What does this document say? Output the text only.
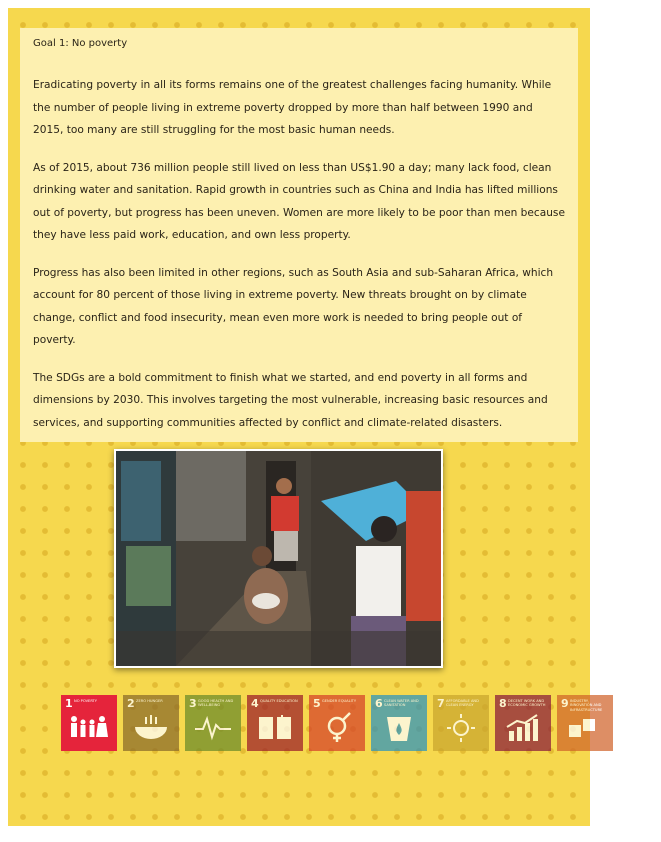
Goal 1: No poverty

Eradicating poverty in all its forms remains one of the greatest challenges facing humanity. While the number of people living in extreme poverty dropped by more than half between 1990 and 2015, too many are still struggling for the most basic human needs.

As of 2015, about 736 million people still lived on less than US$1.90 a day; many lack food, clean drinking water and sanitation. Rapid growth in countries such as China and India has lifted millions out of poverty, but progress has been uneven. Women are more likely to be poor than men because they have less paid work, education, and own less property.

Progress has also been limited in other regions, such as South Asia and sub-Saharan Africa, which account for 80 percent of those living in extreme poverty. New threats brought on by climate change, conflict and food insecurity, mean even more work is needed to bring people out of poverty.

The SDGs are a bold commitment to finish what we started, and end poverty in all forms and dimensions by 2030. This involves targeting the most vulnerable, increasing basic resources and services, and supporting communities affected by conflict and climate-related disasters.

1 NO POVERTY	2 ZERO HUNGER	3 GOOD HEALTH AND WELL-BEING	4 QUALITY EDUCATION 5 GENDER EQUALITY	6 CLEAN WATER AND SANITATION	7 AFFORDABLE AND CLEAN ENERGY	8 DECENT WORK AND ECONOMIC GROWTH 9 INDUSTRY, INNOVATION AND INFRASTRUCTURE
